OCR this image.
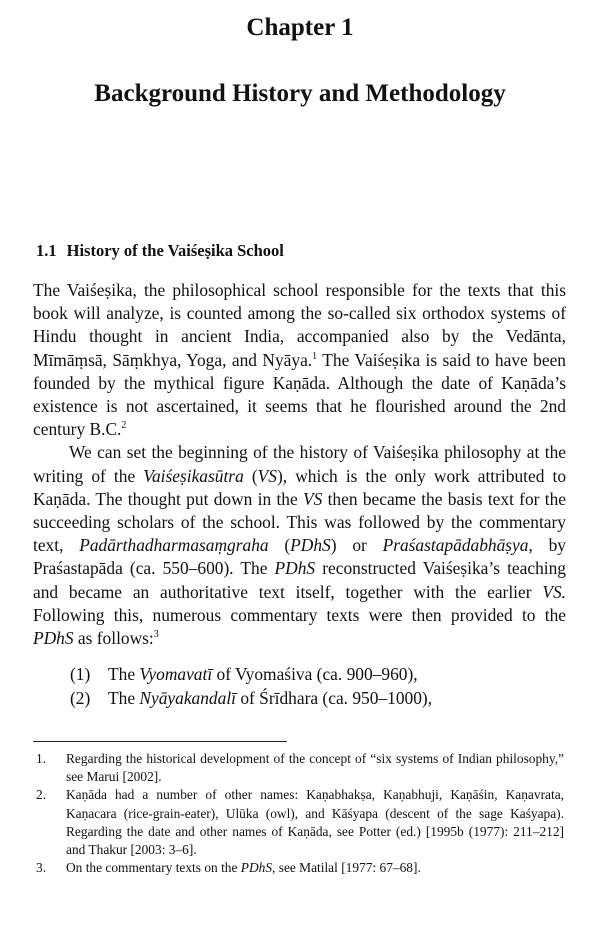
Chapter 1
Background History and Methodology
1.1 History of the Vaiśeṣika School

The Vaiśeṣika, the philosophical school responsible for the texts that this book will analyze, is counted among the so-called six orthodox systems of Hindu thought in ancient India, accompanied also by the Vedānta, Mīmāṃsā, Sāṃkhya, Yoga, and Nyāya.$^1$ The Vaiśeṣika is said to have been founded by the mythical figure Kaṇāda. Although the date of Kaṇāda’s existence is not ascertained, it seems that he flourished around the 2nd century B.C.$^2$

We can set the beginning of the history of Vaiśeṣika philosophy at the writing of the Vaiśeṣikasūtra (VS), which is the only work attributed to Kaṇāda. The thought put down in the VS then became the basis text for the succeeding scholars of the school. This was followed by the commentary text, Padārthadharmasaṃgraha (PDhS) or Praśastapādabhāṣya, by Praśastapāda (ca. 550–600). The PDhS reconstructed Vaiśeṣika’s teaching and became an authoritative text itself, together with the earlier VS. Following this, numerous commentary texts were then provided to the PDhS as follows:$^3$

(1) The Vyomavatī of Vyomaśiva (ca. 900–960),
(2) The Nyāyakandalī of Śrīdhara (ca. 950–1000),
1. Regarding the historical development of the concept of “six systems of Indian philosophy,” see Marui [2002].
2. Kaṇāda had a number of other names: Kaṇabhakṣa, Kaṇabhuji, Kaṇāśin, Kaṇavrata, Kaṇacara (rice-grain-eater), Ulūka (owl), and Kāśyapa (descent of the sage Kaśyapa). Regarding the date and other names of Kaṇāda, see Potter (ed.) [1995b (1977): 211–212] and Thakur [2003: 3–6].
3. On the commentary texts on the PDhS, see Matilal [1977: 67–68].
